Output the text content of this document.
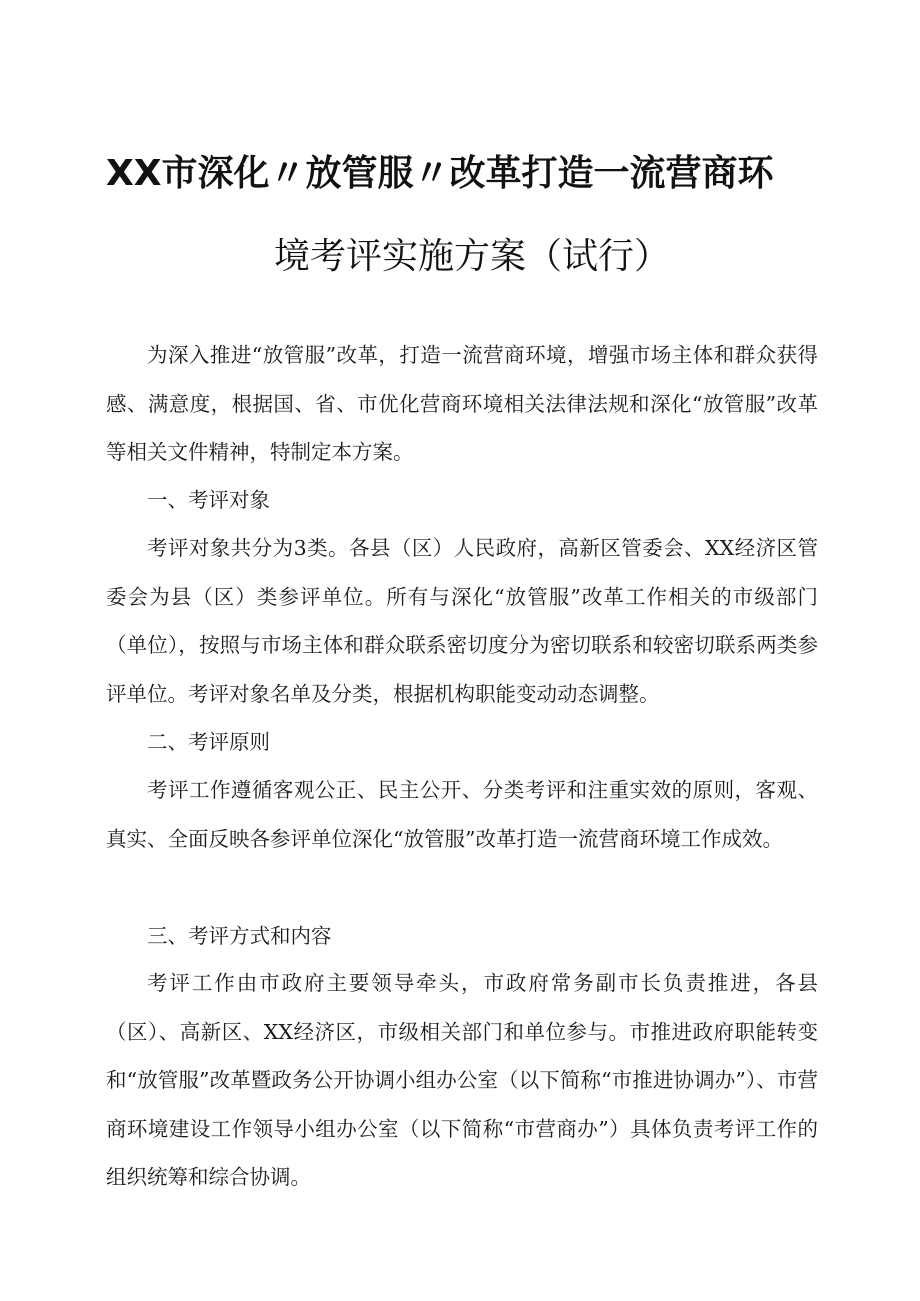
XX市深化〃放管服〃改革打造一流营商环
境考评实施方案（试行）

为深入推进“放管服”改革，打造一流营商环境，增强市场主体和群众获得感、满意度，根据国、省、市优化营商环境相关法律法规和深化“放管服”改革等相关文件精神，特制定本方案。

一、考评对象

考评对象共分为3类。各县（区）人民政府，高新区管委会、XX经济区管委会为县（区）类参评单位。所有与深化“放管服”改革工作相关的市级部门（单位），按照与市场主体和群众联系密切度分为密切联系和较密切联系两类参评单位。考评对象名单及分类，根据机构职能变动动态调整。

二、考评原则

考评工作遵循客观公正、民主公开、分类考评和注重实效的原则，客观、真实、全面反映各参评单位深化“放管服”改革打造一流营商环境工作成效。

三、考评方式和内容

考评工作由市政府主要领导牵头，市政府常务副市长负责推进，各县（区）、高新区、XX经济区，市级相关部门和单位参与。市推进政府职能转变和“放管服”改革暨政务公开协调小组办公室（以下简称“市推进协调办”）、市营商环境建设工作领导小组办公室（以下简称“市营商办”）具体负责考评工作的组织统筹和综合协调。
